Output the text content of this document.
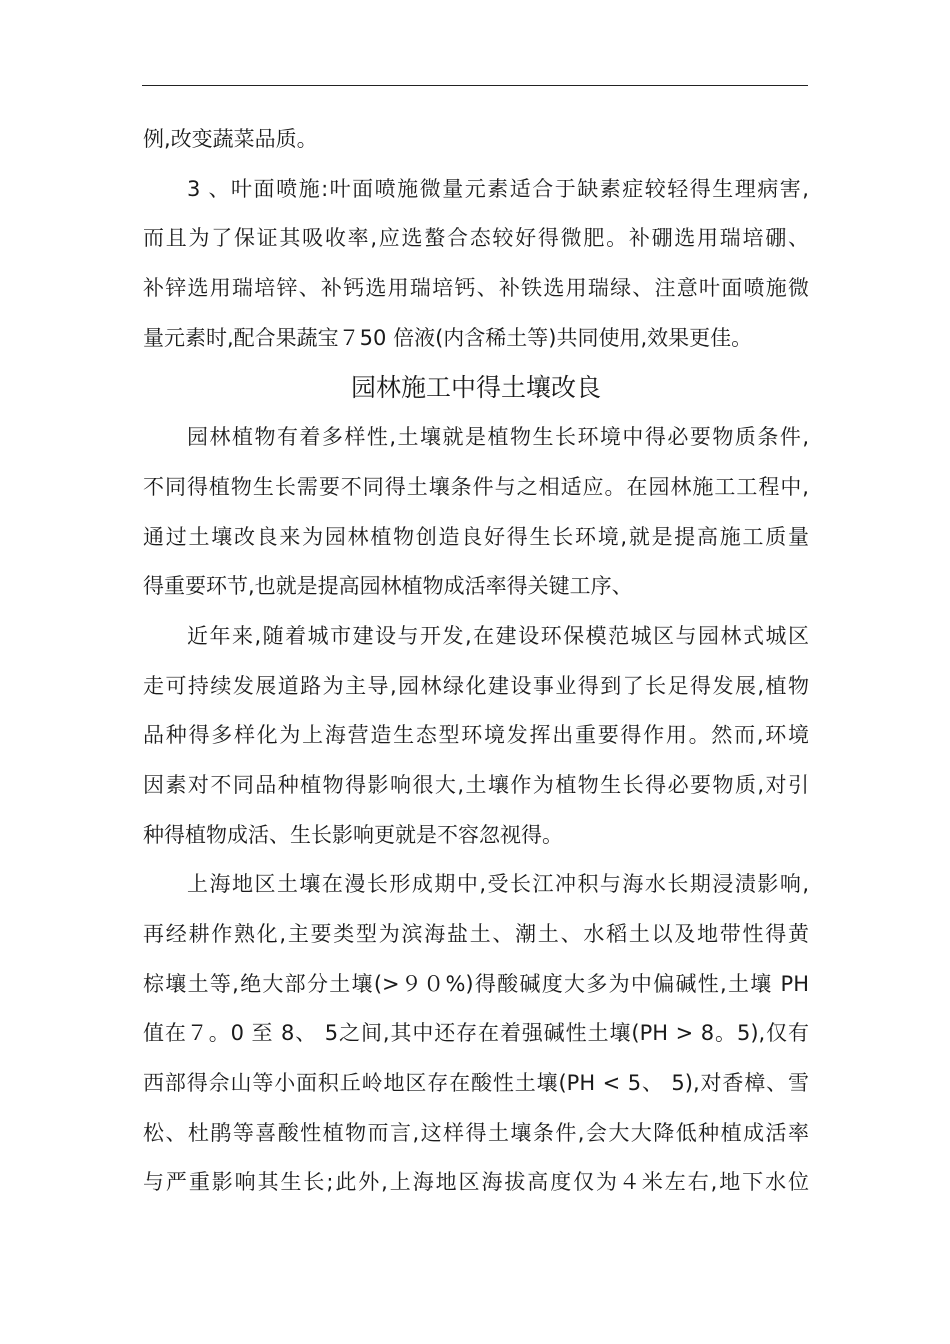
例,改变蔬菜品质。
3 、叶面喷施:叶面喷施微量元素适合于缺素症较轻得生理病害,
而且为了保证其吸收率,应选螯合态较好得微肥。补硼选用瑞培硼、
补锌选用瑞培锌、补钙选用瑞培钙、补铁选用瑞绿、注意叶面喷施微
量元素时,配合果蔬宝７50 倍液(内含稀土等)共同使用,效果更佳。
园林施工中得土壤改良
园林植物有着多样性,土壤就是植物生长环境中得必要物质条件,
不同得植物生长需要不同得土壤条件与之相适应。在园林施工工程中,
通过土壤改良来为园林植物创造良好得生长环境,就是提高施工质量
得重要环节,也就是提高园林植物成活率得关键工序、
近年来,随着城市建设与开发,在建设环保模范城区与园林式城区
走可持续发展道路为主导,园林绿化建设事业得到了长足得发展,植物
品种得多样化为上海营造生态型环境发挥出重要得作用。然而,环境
因素对不同品种植物得影响很大,土壤作为植物生长得必要物质,对引
种得植物成活、生长影响更就是不容忽视得。
上海地区土壤在漫长形成期中,受长江冲积与海水长期浸渍影响,
再经耕作熟化,主要类型为滨海盐土、潮土、水稻土以及地带性得黄
棕壤土等,绝大部分土壤(>９０%)得酸碱度大多为中偏碱性,土壤 PH
值在７。0 至 8、 5之间,其中还存在着强碱性土壤(PH > 8。5),仅有
西部得佘山等小面积丘岭地区存在酸性土壤(PH < 5、 5),对香樟、雪
松、杜鹃等喜酸性植物而言,这样得土壤条件,会大大降低种植成活率
与严重影响其生长;此外,上海地区海拔高度仅为４米左右,地下水位
